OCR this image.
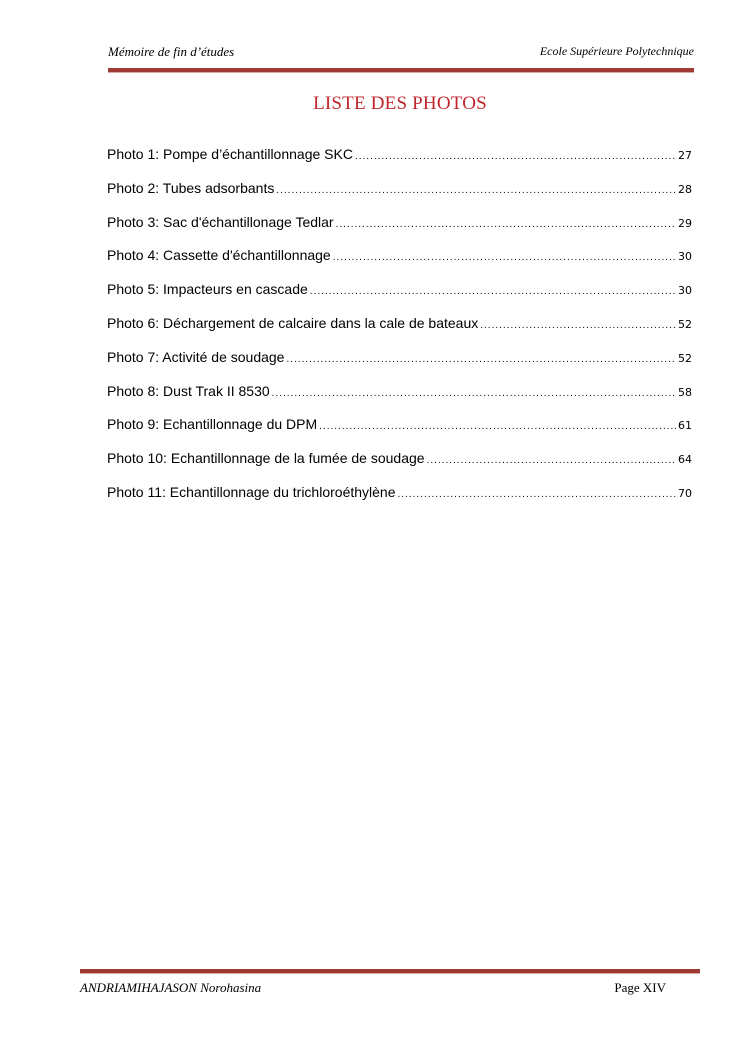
Mémoire de fin d’études	Ecole Supérieure Polytechnique
LISTE DES PHOTOS
Photo 1: Pompe d’échantillonnage SKC .....	27
Photo 2: Tubes adsorbants .....	28
Photo 3: Sac d'échantillonage Tedlar .....	29
Photo 4: Cassette d'échantillonnage .....	30
Photo 5: Impacteurs en cascade .....	30
Photo 6: Déchargement de calcaire dans la cale de bateaux .....	52
Photo 7: Activité de soudage .....	52
Photo 8: Dust Trak II 8530 .....	58
Photo 9: Echantillonnage du DPM .....	61
Photo 10: Echantillonnage de la fumée de soudage .....	64
Photo 11: Echantillonnage du trichloroéthylène .....	70
ANDRIAMIHAJASON Norohasina	Page XIV
